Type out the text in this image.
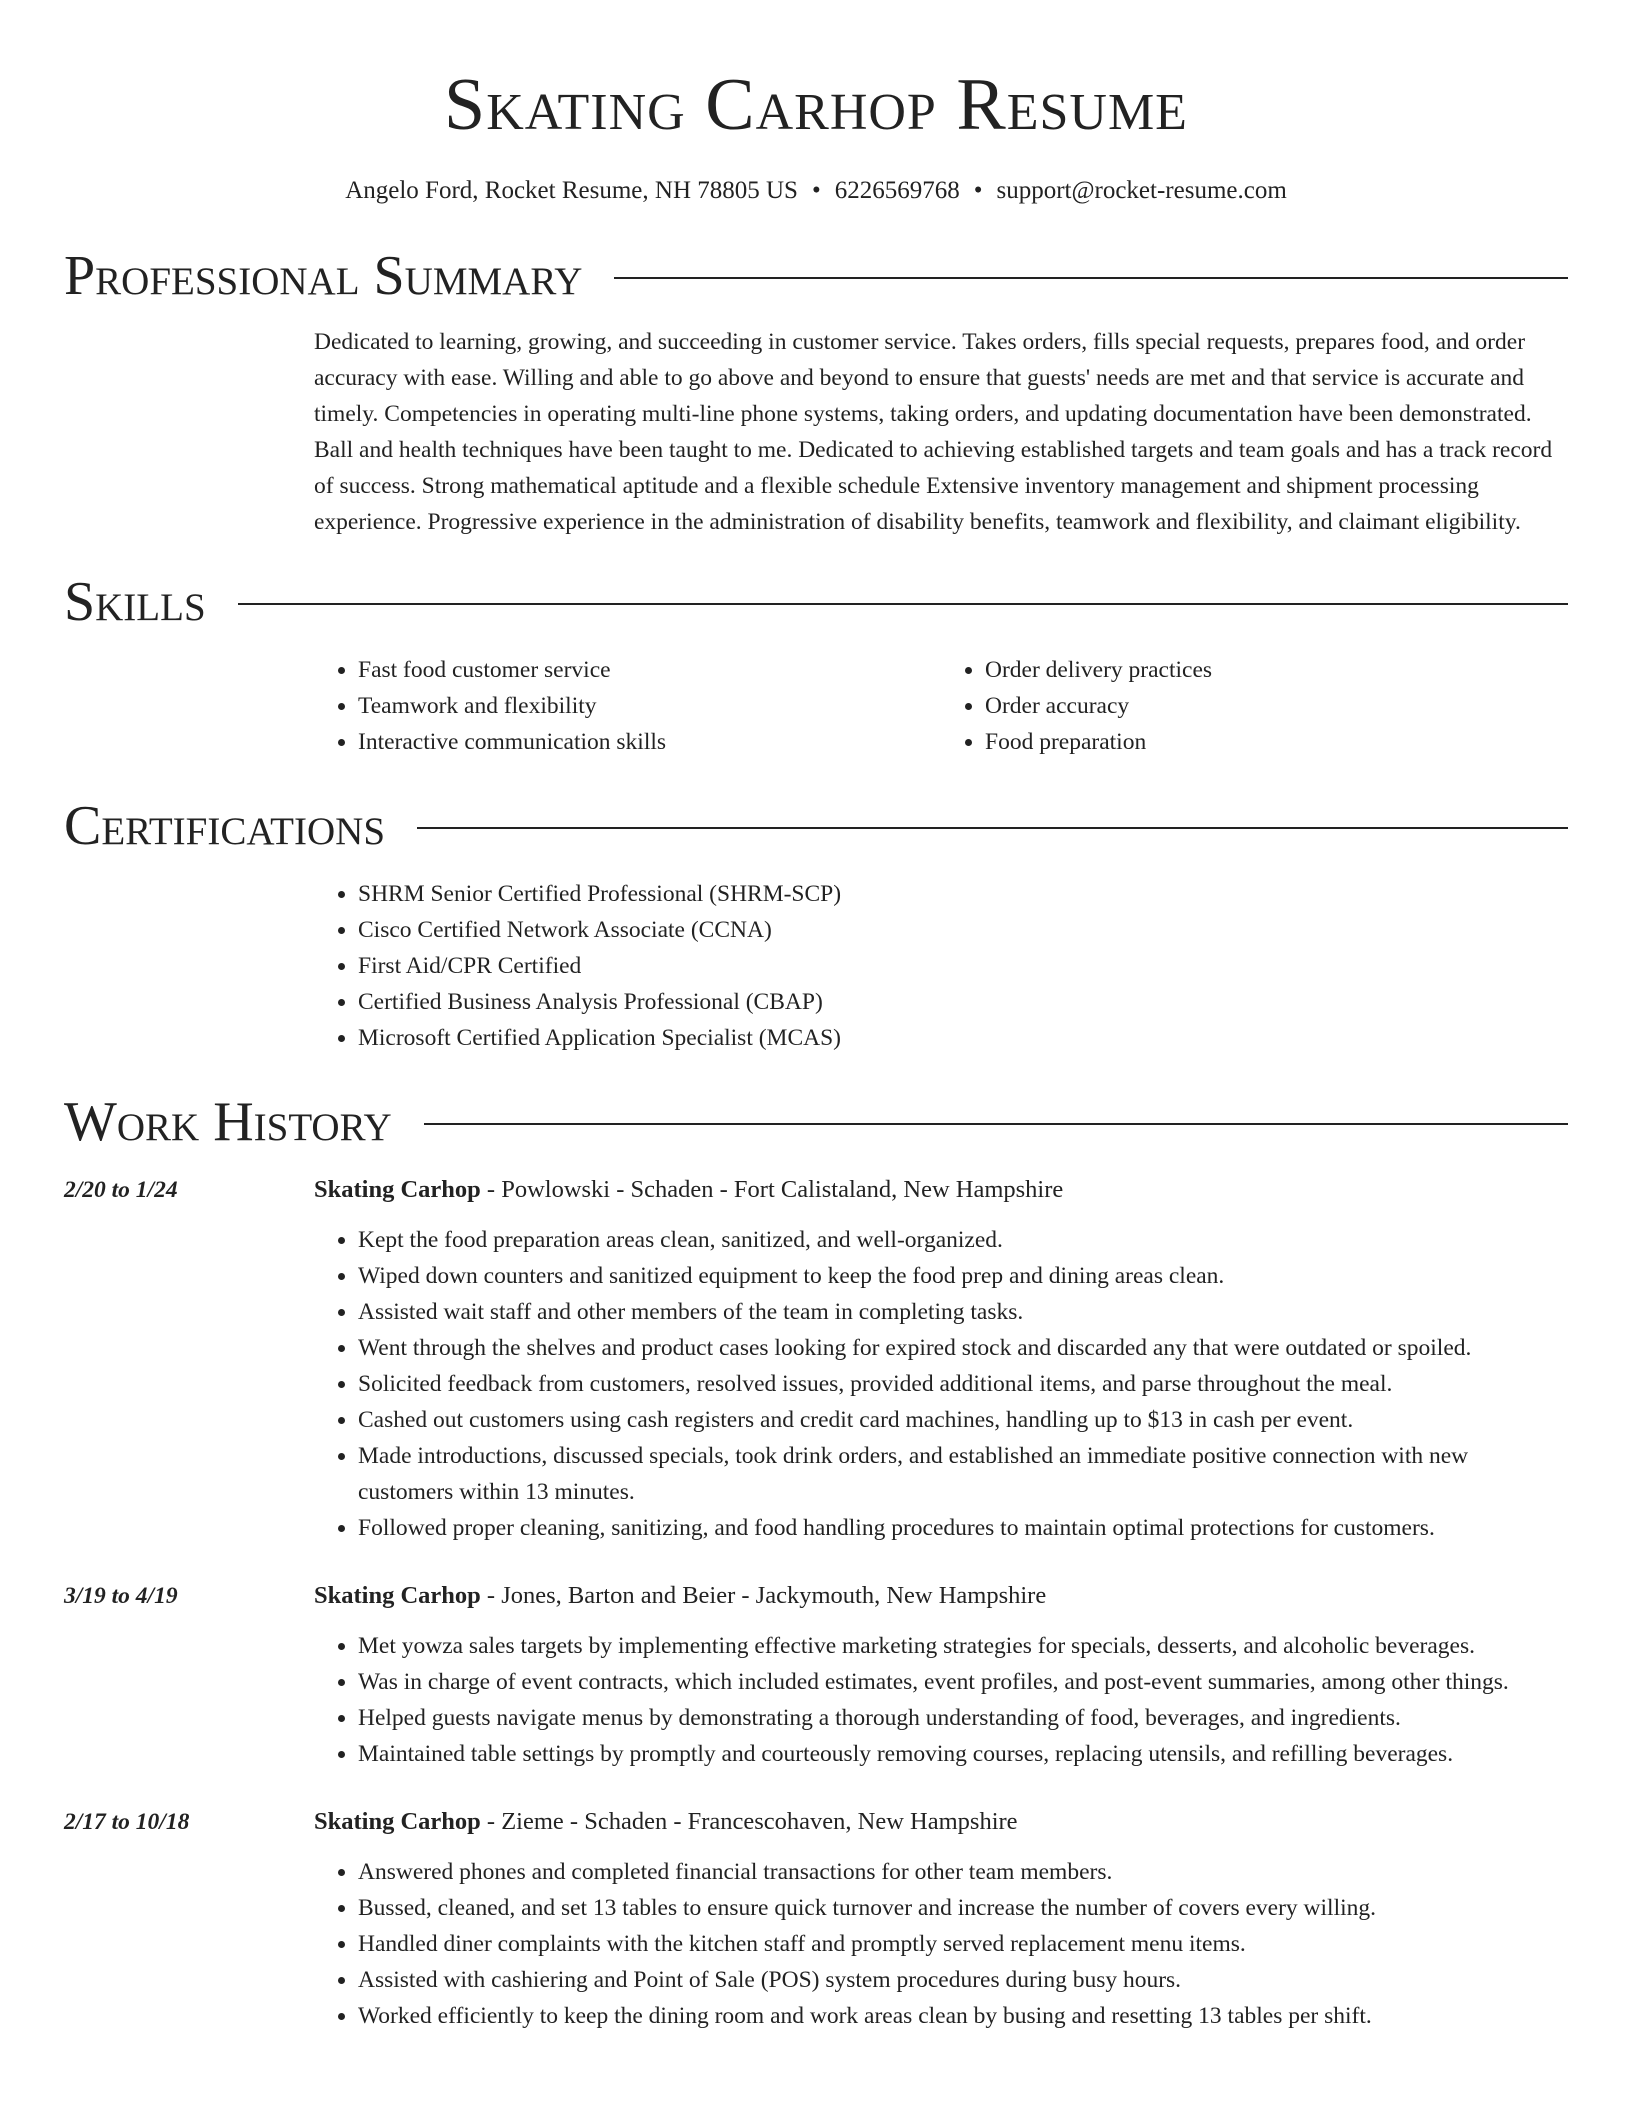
Skating Carhop Resume
Angelo Ford, Rocket Resume, NH 78805 US • 6226569768 • support@rocket-resume.com
Professional Summary

Dedicated to learning, growing, and succeeding in customer service. Takes orders, fills special requests, prepares food, and order accuracy with ease. Willing and able to go above and beyond to ensure that guests' needs are met and that service is accurate and timely. Competencies in operating multi-line phone systems, taking orders, and updating documentation have been demonstrated. Ball and health techniques have been taught to me. Dedicated to achieving established targets and team goals and has a track record of success. Strong mathematical aptitude and a flexible schedule Extensive inventory management and shipment processing experience. Progressive experience in the administration of disability benefits, teamwork and flexibility, and claimant eligibility.

Skills
• Fast food customer service
• Teamwork and flexibility
• Interactive communication skills
• Order delivery practices
• Order accuracy
• Food preparation
Certifications
• SHRM Senior Certified Professional (SHRM-SCP)
• Cisco Certified Network Associate (CCNA)
• First Aid/CPR Certified
• Certified Business Analysis Professional (CBAP)
• Microsoft Certified Application Specialist (MCAS)
Work History
2/20 to 1/24	Skating Carhop - Powlowski - Schaden - Fort Calistaland, New Hampshire
• Kept the food preparation areas clean, sanitized, and well-organized.
• Wiped down counters and sanitized equipment to keep the food prep and dining areas clean.
• Assisted wait staff and other members of the team in completing tasks.
• Went through the shelves and product cases looking for expired stock and discarded any that were outdated or spoiled.
• Solicited feedback from customers, resolved issues, provided additional items, and parse throughout the meal.
• Cashed out customers using cash registers and credit card machines, handling up to $13 in cash per event.
• Made introductions, discussed specials, took drink orders, and established an immediate positive connection with new customers within 13 minutes.
• Followed proper cleaning, sanitizing, and food handling procedures to maintain optimal protections for customers.
3/19 to 4/19	Skating Carhop - Jones, Barton and Beier - Jackymouth, New Hampshire
• Met yowza sales targets by implementing effective marketing strategies for specials, desserts, and alcoholic beverages.
• Was in charge of event contracts, which included estimates, event profiles, and post-event summaries, among other things.
• Helped guests navigate menus by demonstrating a thorough understanding of food, beverages, and ingredients.
• Maintained table settings by promptly and courteously removing courses, replacing utensils, and refilling beverages.
2/17 to 10/18	Skating Carhop - Zieme - Schaden - Francescohaven, New Hampshire
• Answered phones and completed financial transactions for other team members.
• Bussed, cleaned, and set 13 tables to ensure quick turnover and increase the number of covers every willing.
• Handled diner complaints with the kitchen staff and promptly served replacement menu items.
• Assisted with cashiering and Point of Sale (POS) system procedures during busy hours.
• Worked efficiently to keep the dining room and work areas clean by busing and resetting 13 tables per shift.
